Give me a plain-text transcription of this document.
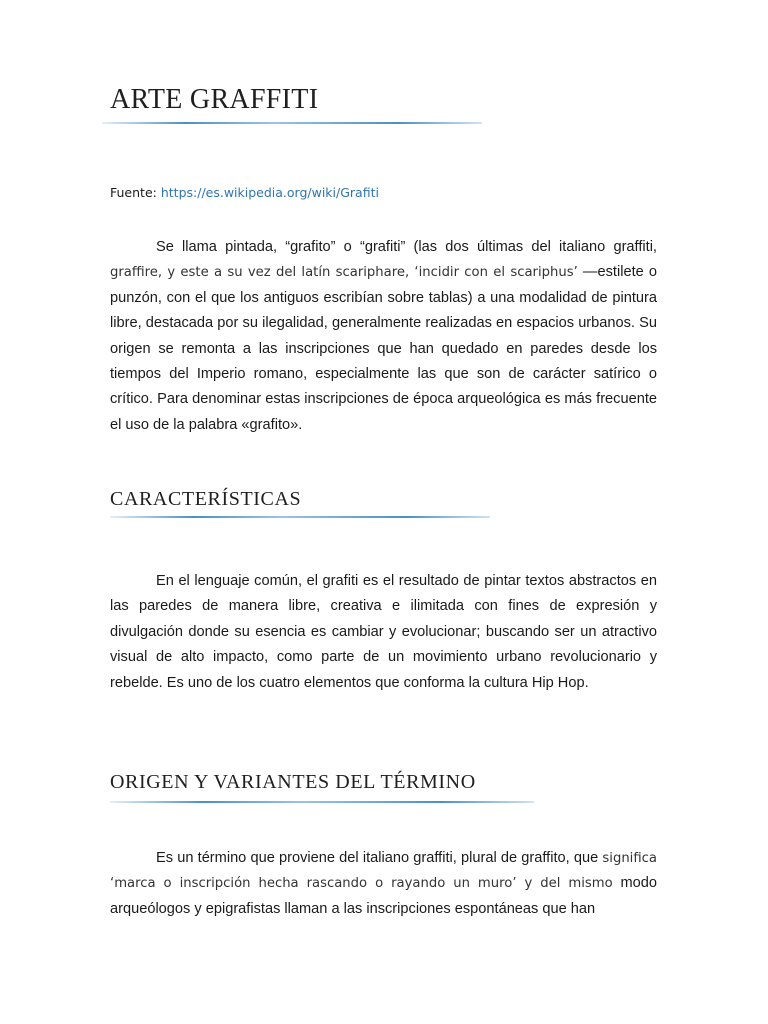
ARTE GRAFFITI

Fuente: https://es.wikipedia.org/wiki/Grafiti

Se llama pintada, “grafito” o “grafiti” (las dos últimas del italiano graffiti, graffire, y este a su vez del latín scariphare, ‘incidir con el scariphus’ —estilete o punzón, con el que los antiguos escribían sobre tablas) a una modalidad de pintura libre, destacada por su ilegalidad, generalmente realizadas en espacios urbanos. Su origen se remonta a las inscripciones que han quedado en paredes desde los tiempos del Imperio romano, especialmente las que son de carácter satírico o crítico. Para denominar estas inscripciones de época arqueológica es más frecuente el uso de la palabra «grafito».

CARACTERÍSTICAS

En el lenguaje común, el grafiti es el resultado de pintar textos abstractos en las paredes de manera libre, creativa e ilimitada con fines de expresión y divulgación donde su esencia es cambiar y evolucionar; buscando ser un atractivo visual de alto impacto, como parte de un movimiento urbano revolucionario y rebelde. Es uno de los cuatro elementos que conforma la cultura Hip Hop.

ORIGEN Y VARIANTES DEL TÉRMINO

Es un término que proviene del italiano graffiti, plural de graffito, que significa ‘marca o inscripción hecha rascando o rayando un muro’ y del mismo modo arqueólogos y epigrafistas llaman a las inscripciones espontáneas que han
